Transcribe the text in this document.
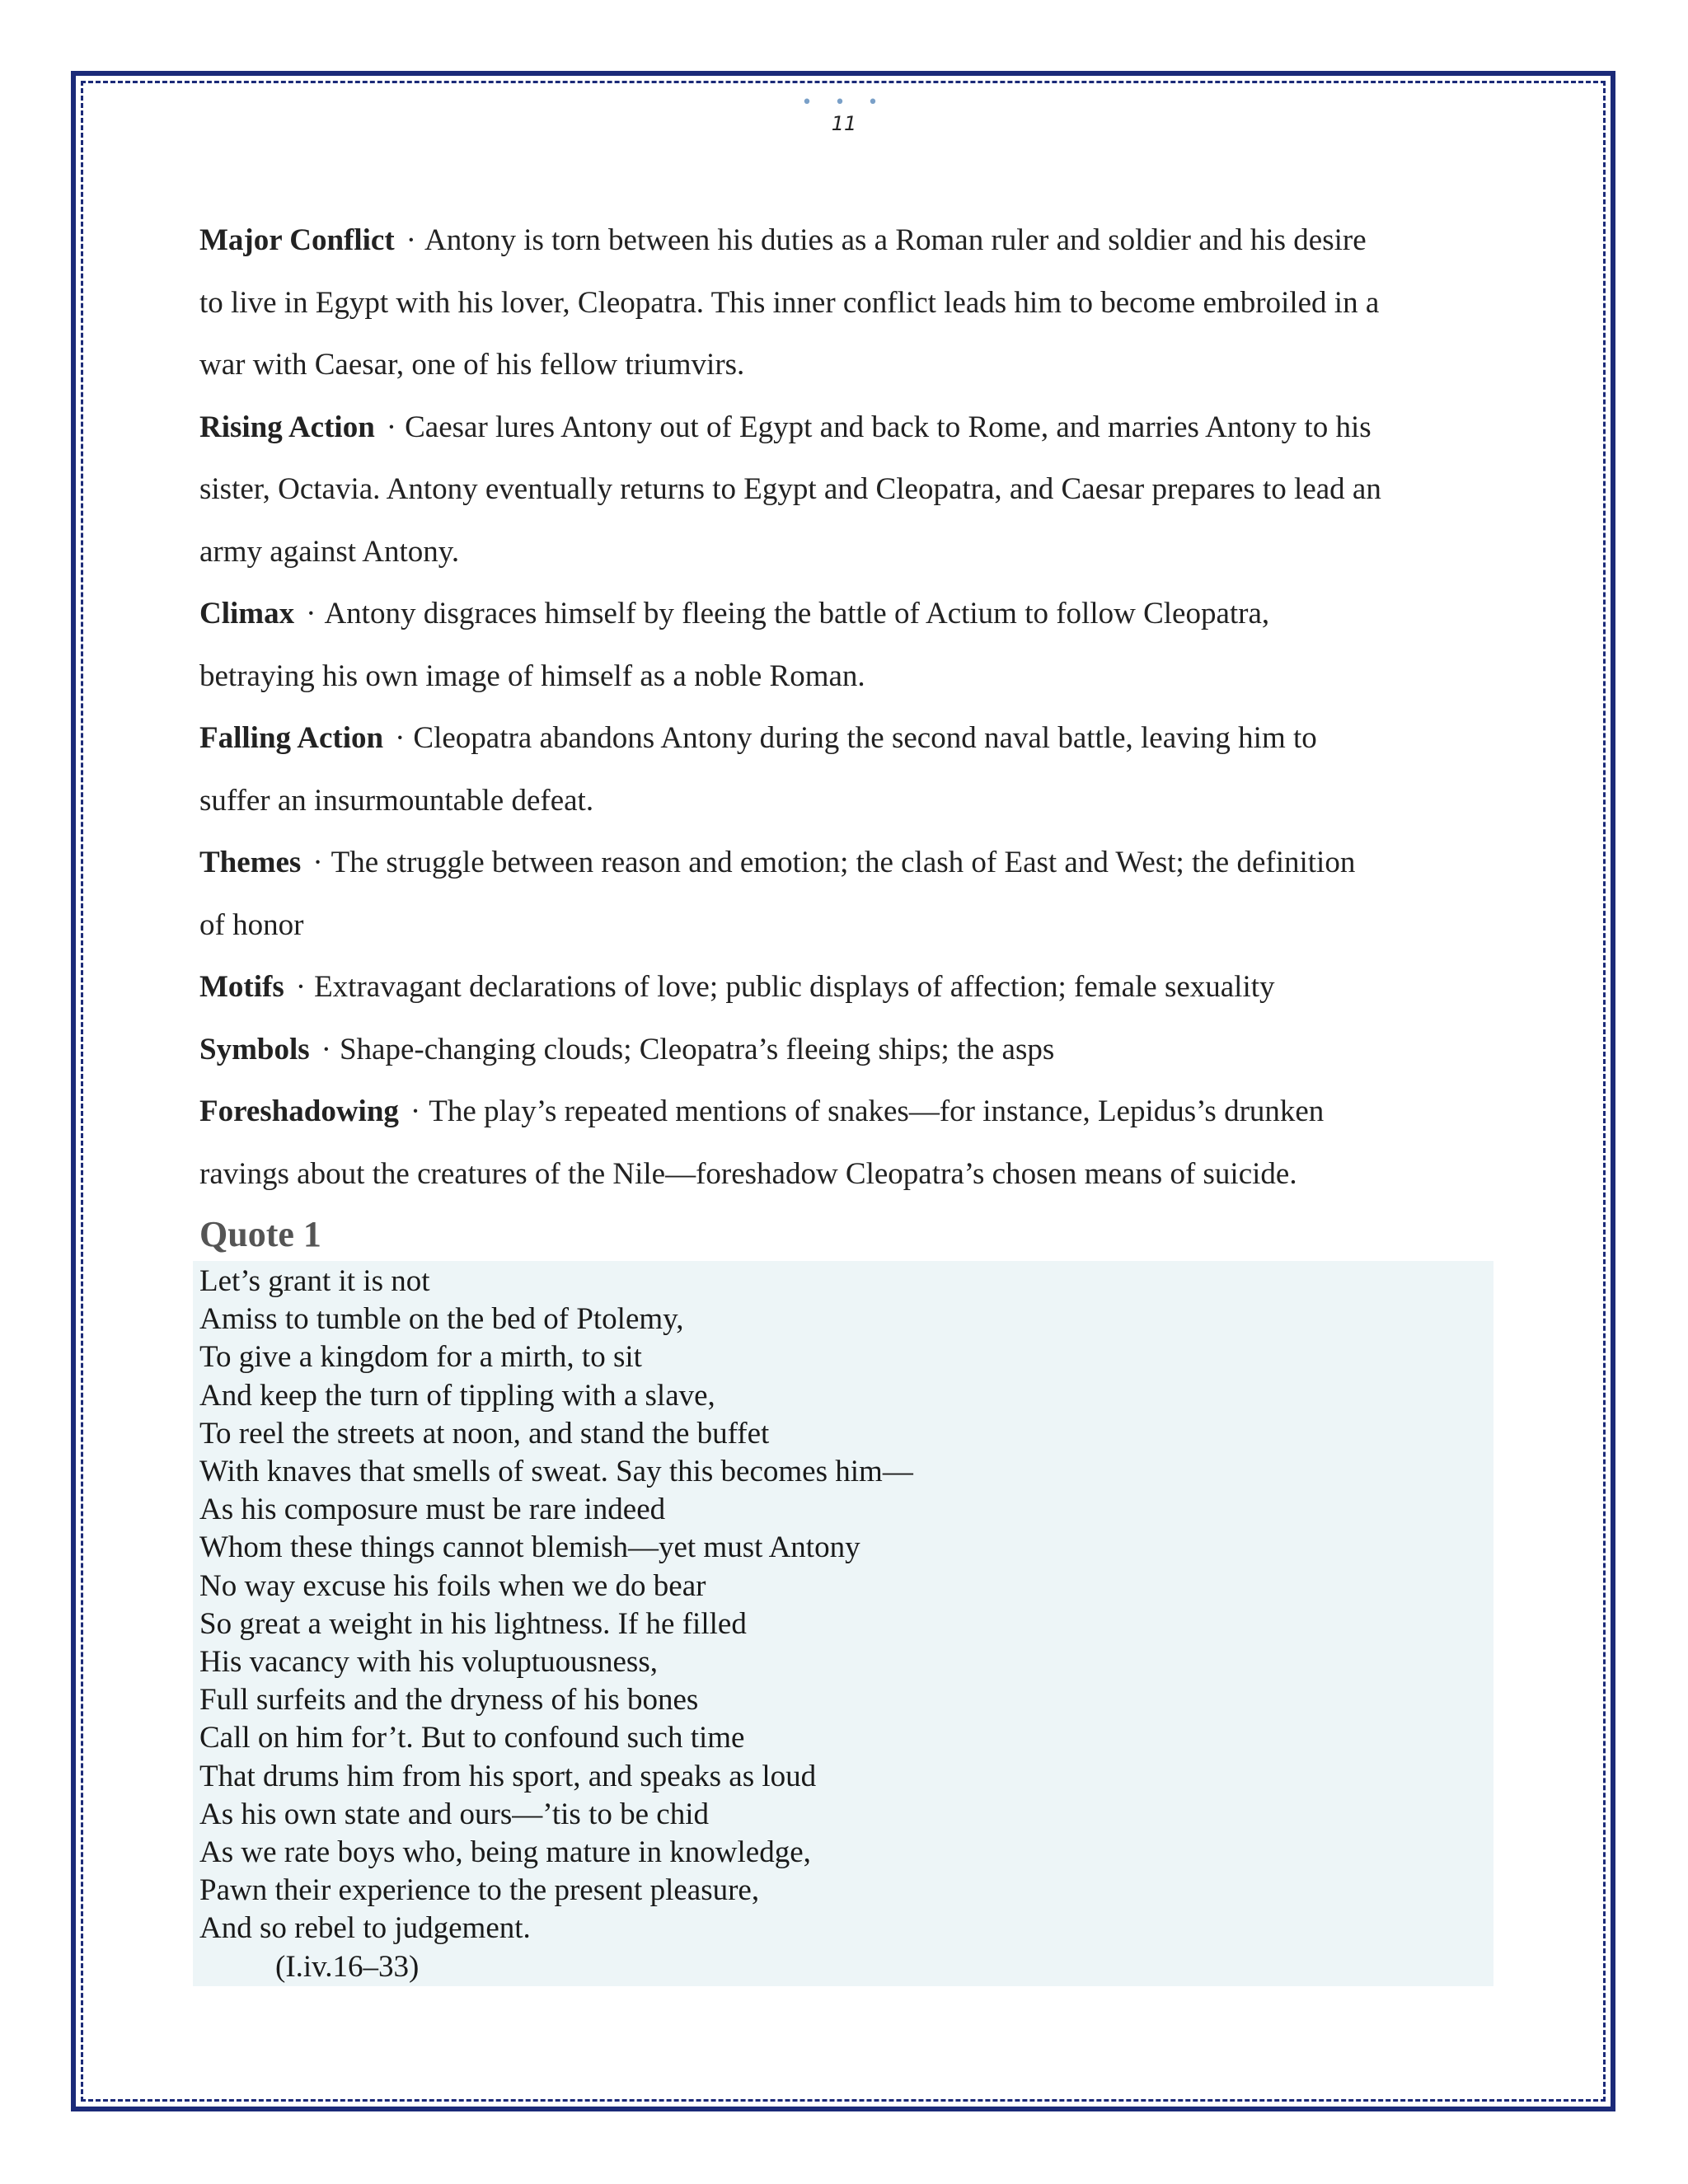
• • •
11

Major Conflict · Antony is torn between his duties as a Roman ruler and soldier and his desire

to live in Egypt with his lover, Cleopatra. This inner conflict leads him to become embroiled in a

war with Caesar, one of his fellow triumvirs.

Rising Action · Caesar lures Antony out of Egypt and back to Rome, and marries Antony to his

sister, Octavia. Antony eventually returns to Egypt and Cleopatra, and Caesar prepares to lead an

army against Antony.

Climax · Antony disgraces himself by fleeing the battle of Actium to follow Cleopatra,

betraying his own image of himself as a noble Roman.

Falling Action · Cleopatra abandons Antony during the second naval battle, leaving him to

suffer an insurmountable defeat.

Themes · The struggle between reason and emotion; the clash of East and West; the definition

of honor

Motifs · Extravagant declarations of love; public displays of affection; female sexuality

Symbols · Shape-changing clouds; Cleopatra’s fleeing ships; the asps

Foreshadowing · The play’s repeated mentions of snakes—for instance, Lepidus’s drunken

ravings about the creatures of the Nile—foreshadow Cleopatra’s chosen means of suicide.

Quote 1
Let’s grant it is not
Amiss to tumble on the bed of Ptolemy,
To give a kingdom for a mirth, to sit
And keep the turn of tippling with a slave,
To reel the streets at noon, and stand the buffet
With knaves that smells of sweat. Say this becomes him—
As his composure must be rare indeed
Whom these things cannot blemish—yet must Antony
No way excuse his foils when we do bear
So great a weight in his lightness. If he filled
His vacancy with his voluptuousness,
Full surfeits and the dryness of his bones
Call on him for’t. But to confound such time
That drums him from his sport, and speaks as loud
As his own state and ours—’tis to be chid
As we rate boys who, being mature in knowledge,
Pawn their experience to the present pleasure,
And so rebel to judgement.
(I.iv.16–33)
